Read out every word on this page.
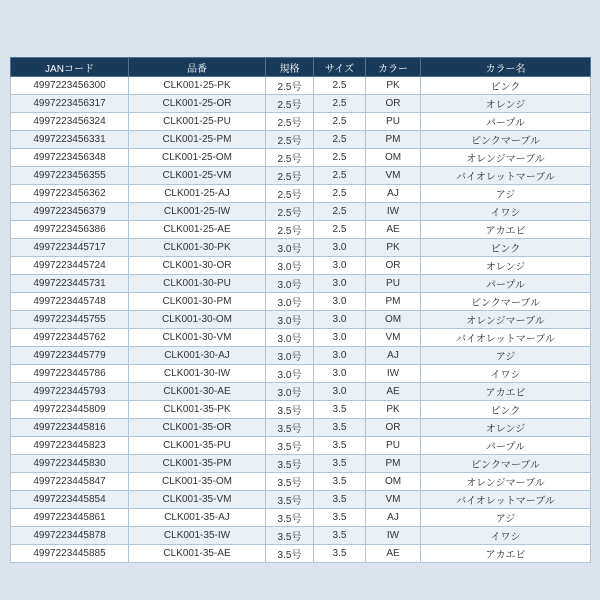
JANコード	品番	規格	サイズ	カラー	カラー名
4997223456300	CLK001-25-PK	2.5号	2.5	PK	ピンク
4997223456317	CLK001-25-OR	2.5号	2.5	OR	オレンジ
4997223456324	CLK001-25-PU	2.5号	2.5	PU	パープル
4997223456331	CLK001-25-PM	2.5号	2.5	PM	ピンクマーブル
4997223456348	CLK001-25-OM	2.5号	2.5	OM	オレンジマーブル
4997223456355	CLK001-25-VM	2.5号	2.5	VM	バイオレットマーブル
4997223456362	CLK001-25-AJ	2.5号	2.5	AJ	アジ
4997223456379	CLK001-25-IW	2.5号	2.5	IW	イワシ
4997223456386	CLK001-25-AE	2.5号	2.5	AE	アカエビ
4997223445717	CLK001-30-PK	3.0号	3.0	PK	ピンク
4997223445724	CLK001-30-OR	3.0号	3.0	OR	オレンジ
4997223445731	CLK001-30-PU	3.0号	3.0	PU	パープル
4997223445748	CLK001-30-PM	3.0号	3.0	PM	ピンクマーブル
4997223445755	CLK001-30-OM	3.0号	3.0	OM	オレンジマーブル
4997223445762	CLK001-30-VM	3.0号	3.0	VM	バイオレットマーブル
4997223445779	CLK001-30-AJ	3.0号	3.0	AJ	アジ
4997223445786	CLK001-30-IW	3.0号	3.0	IW	イワシ
4997223445793	CLK001-30-AE	3.0号	3.0	AE	アカエビ
4997223445809	CLK001-35-PK	3.5号	3.5	PK	ピンク
4997223445816	CLK001-35-OR	3.5号	3.5	OR	オレンジ
4997223445823	CLK001-35-PU	3.5号	3.5	PU	パープル
4997223445830	CLK001-35-PM	3.5号	3.5	PM	ピンクマーブル
4997223445847	CLK001-35-OM	3.5号	3.5	OM	オレンジマーブル
4997223445854	CLK001-35-VM	3.5号	3.5	VM	バイオレットマーブル
4997223445861	CLK001-35-AJ	3.5号	3.5	AJ	アジ
4997223445878	CLK001-35-IW	3.5号	3.5	IW	イワシ
4997223445885	CLK001-35-AE	3.5号	3.5	AE	アカエビ
